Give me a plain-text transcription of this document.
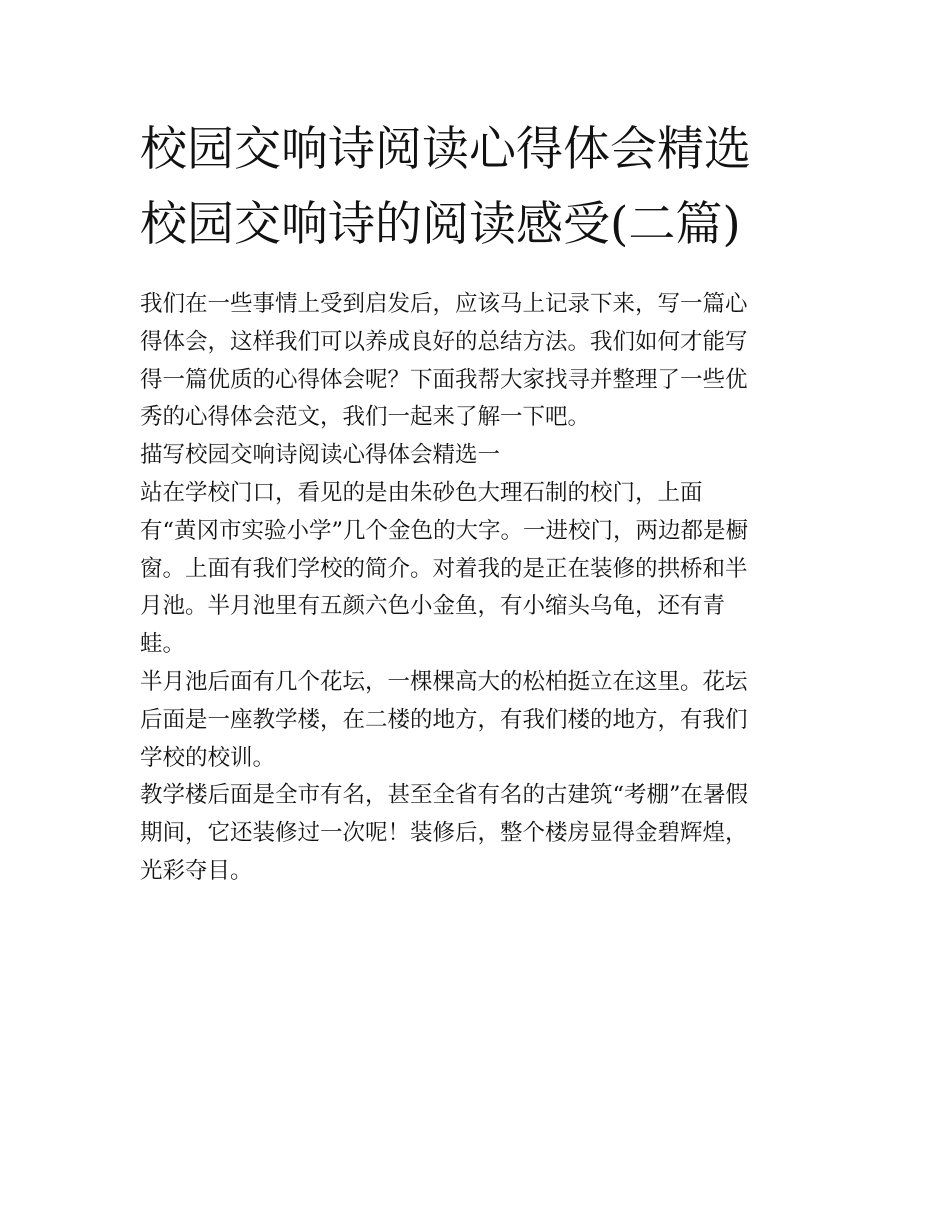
校园交响诗阅读心得体会精选
校园交响诗的阅读感受(二篇)

我们在一些事情上受到启发后，应该马上记录下来，写一篇心
得体会，这样我们可以养成良好的总结方法。我们如何才能写
得一篇优质的心得体会呢？下面我帮大家找寻并整理了一些优
秀的心得体会范文，我们一起来了解一下吧。

描写校园交响诗阅读心得体会精选一

站在学校门口，看见的是由朱砂色大理石制的校门，上面
有“黄冈市实验小学”几个金色的大字。一进校门，两边都是橱
窗。上面有我们学校的简介。对着我的是正在装修的拱桥和半
月池。半月池里有五颜六色小金鱼，有小缩头乌龟，还有青
蛙。

半月池后面有几个花坛，一棵棵高大的松柏挺立在这里。花坛
后面是一座教学楼，在二楼的地方，有我们楼的地方，有我们
学校的校训。

教学楼后面是全市有名，甚至全省有名的古建筑“考棚”在暑假
期间，它还装修过一次呢！装修后，整个楼房显得金碧辉煌，
光彩夺目。
